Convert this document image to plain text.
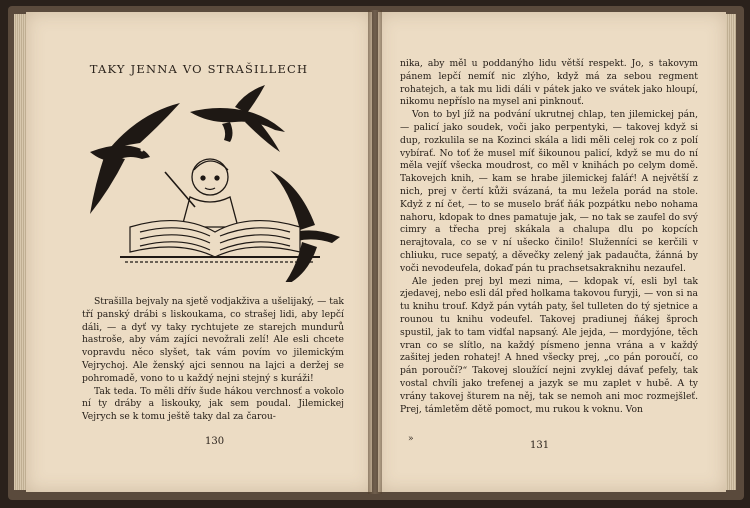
TAKY JENNA VO STRAŠILLECH

Strašilla bejvaly na sjetě vodjakživa a ušelijaký, — tak tří panský drábi s liskoukama, co strašej lidi, aby lepčí dáli, — a dyť vy taky rychtujete ze starejch mundurů hastroše, aby vám zajíci nevožrali zelí! Ale esli chcete vopravdu něco slyšet, tak vám povím vo jilemickým Vejrychoj. Ale ženský ajci sennou na lajci a deržej se pohromadě, vono to u každý nejni stejný s kuráži!

Tak teda. To měli dřív šude hákou verchnosť a vokolo ní ty dráby a liskouky, jak sem poudal. Jilemickej Vejrych se k tomu ještě taky dal za čarou-

nika, aby měl u poddanýho lidu větší respekt. Jo, s takovym pánem lepčí nemíť nic zlýho, když má za sebou regment rohatejch, a tak mu lidi dáli v pátek jako ve svátek jako hloupí, nikomu nepříslo na mysel ani pinknouť.

Von to byl jíž na podvání ukrutnej chlap, ten jilemickej pán, — palicí jako soudek, voči jako perpentyki, — takovej když si dup, rozkulila se na Kozinci skála a lidi měli celej rok co z polí vybírať. No toť že musel míť šikounou palicí, když se mu do ní měla vejíť všecka moudrost, co měl v knihách po celym domě. Takovejch knih, — kam se hrabe jilemickej faláŕ! A největší z nich, prej v čertí kůži svázaná, ta mu ležela porád na stole. Když z ní čet, — to se muselo bráť ňák pozpátku nebo nohama nahoru, kdopak to dnes pamatuje jak, — no tak se zaufel do svý cimry a třecha prej skákala a chalupa dlu po kopcích nerajtovala, co se v ní ušecko činilo! Služenníci se kerčili v chliuku, ruce sepatý, a děvečky zelený jak padaučta, žánná by voči nevodeufela, dokaď pán tu prachsetsakraknihu nezaufel.

Ale jeden prej byl mezi nima, — kdopak ví, esli byl tak zjedavej, nebo esli dál před holkama takovou furyji, — von si na tu knihu trouf. Když pán vytáh paty, šel tulleten do tý sjetnice a rounou tu knihu vodeufel. Takovej pradiunej ňákej šproch spustil, jak to tam vidťal napsaný. Ale jejda, — mordyjóne, těch vran co se slítlo, na každý písmeno jenna vrána a v každý zašitej jeden rohatej! A hned všecky prej, „co pán poroučí, co pán poroučí?“ Takovej sloužící nejni zvyklej dávať pefely, tak vostal chvíli jako trefenej a jazyk se mu zaplet v hubě. A ty vrány takovej šturem na něj, tak se nemoh ani moc rozmejšleť. Prej, támletěm dětě pomoct, mu rukou k voknu. Von

130	131
»
